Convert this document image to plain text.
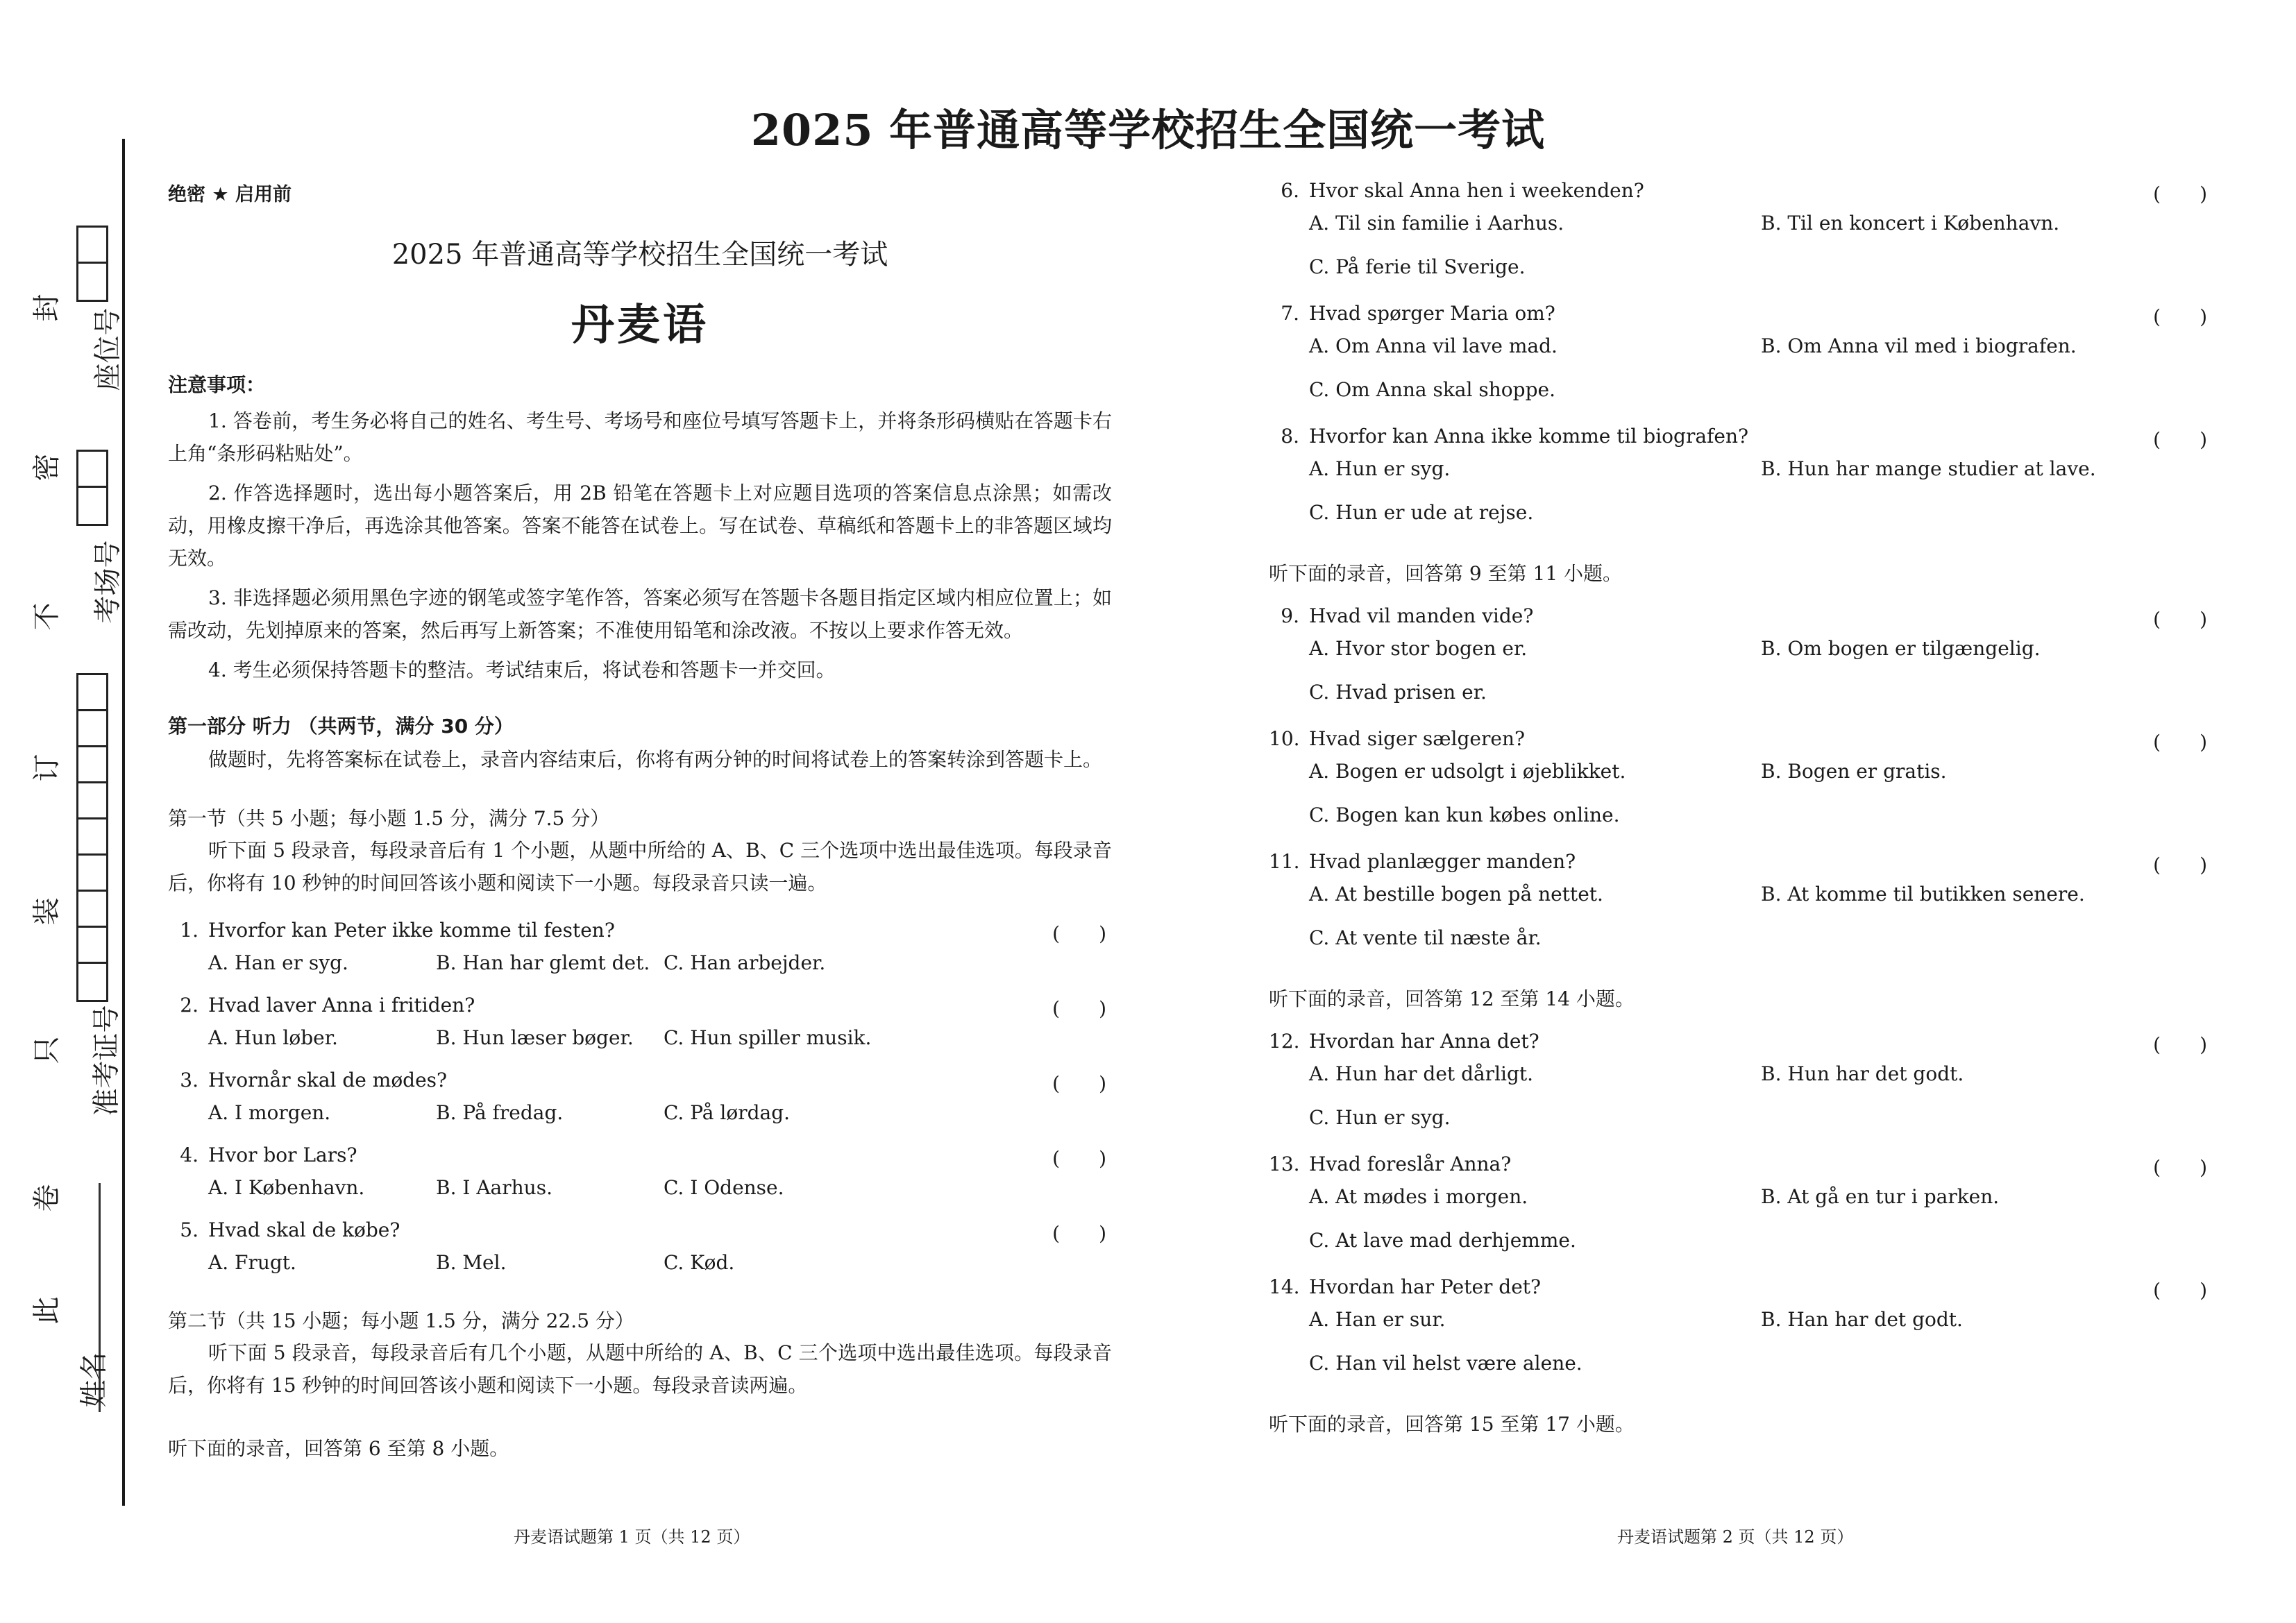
2025 年普通高等学校招生全国统一考试
封
密
不
订
装
只
卷
此
座位号
考场号
准考证号
姓名
绝密 ★ 启用前
2025 年普通高等学校招生全国统一考试
丹麦语
注意事项：
1. 答卷前，考生务必将自己的姓名、考生号、考场号和座位号填写答题卡上，并将条形码横贴在答题卡右上角“条形码粘贴处”。
2. 作答选择题时，选出每小题答案后，用 2B 铅笔在答题卡上对应题目选项的答案信息点涂黑；如需改动，用橡皮擦干净后，再选涂其他答案。答案不能答在试卷上。写在试卷、草稿纸和答题卡上的非答题区域均无效。
3. 非选择题必须用黑色字迹的钢笔或签字笔作答，答案必须写在答题卡各题目指定区域内相应位置上；如需改动，先划掉原来的答案，然后再写上新答案；不准使用铅笔和涂改液。不按以上要求作答无效。
4. 考生必须保持答题卡的整洁。考试结束后，将试卷和答题卡一并交回。
第一部分 听力 （共两节，满分 30 分）
做题时，先将答案标在试卷上，录音内容结束后，你将有两分钟的时间将试卷上的答案转涂到答题卡上。
第一节（共 5 小题；每小题 1.5 分，满分 7.5 分）
听下面 5 段录音，每段录音后有 1 个小题，从题中所给的 A、B、C 三个选项中选出最佳选项。每段录音后，你将有 10 秒钟的时间回答该小题和阅读下一小题。每段录音只读一遍。
1. Hvorfor kan Peter ikke komme til festen?	(　　)
A. Han er syg.	B. Han har glemt det. C. Han arbejder.
2. Hvad laver Anna i fritiden?	(　　)
A. Hun løber.	B. Hun læser bøger.	C. Hun spiller musik.
3. Hvornår skal de mødes?	(　　)
A. I morgen.	B. På fredag.	C. På lørdag.
4. Hvor bor Lars?	(　　)
A. I København.	B. I Aarhus.	C. I Odense.
5. Hvad skal de købe?	(　　)
A. Frugt.	B. Mel.	C. Kød.
第二节（共 15 小题；每小题 1.5 分，满分 22.5 分）
听下面 5 段录音，每段录音后有几个小题，从题中所给的 A、B、C 三个选项中选出最佳选项。每段录音后，你将有 15 秒钟的时间回答该小题和阅读下一小题。每段录音读两遍。
听下面的录音，回答第 6 至第 8 小题。
6. Hvor skal Anna hen i weekenden?	(　　)
A. Til sin familie i Aarhus.	B. Til en koncert i København.
C. På ferie til Sverige.
7. Hvad spørger Maria om?	(　　)
A. Om Anna vil lave mad.	B. Om Anna vil med i biografen.
C. Om Anna skal shoppe.
8. Hvorfor kan Anna ikke komme til biografen?	(　　)
A. Hun er syg.	B. Hun har mange studier at lave.
C. Hun er ude at rejse.
听下面的录音，回答第 9 至第 11 小题。
9. Hvad vil manden vide?	(　　)
A. Hvor stor bogen er.	B. Om bogen er tilgængelig.
C. Hvad prisen er.
10. Hvad siger sælgeren?	(　　)
A. Bogen er udsolgt i øjeblikket.	B. Bogen er gratis.
C. Bogen kan kun købes online.
11. Hvad planlægger manden?	(　　)
A. At bestille bogen på nettet.	B. At komme til butikken senere.
C. At vente til næste år.
听下面的录音，回答第 12 至第 14 小题。
12. Hvordan har Anna det?	(　　)
A. Hun har det dårligt.	B. Hun har det godt.
C. Hun er syg.
13. Hvad foreslår Anna?	(　　)
A. At mødes i morgen.	B. At gå en tur i parken.
C. At lave mad derhjemme.
14. Hvordan har Peter det?	(　　)
A. Han er sur.	B. Han har det godt.
C. Han vil helst være alene.
听下面的录音，回答第 15 至第 17 小题。
丹麦语试题第 1 页（共 12 页）	丹麦语试题第 2 页（共 12 页）
